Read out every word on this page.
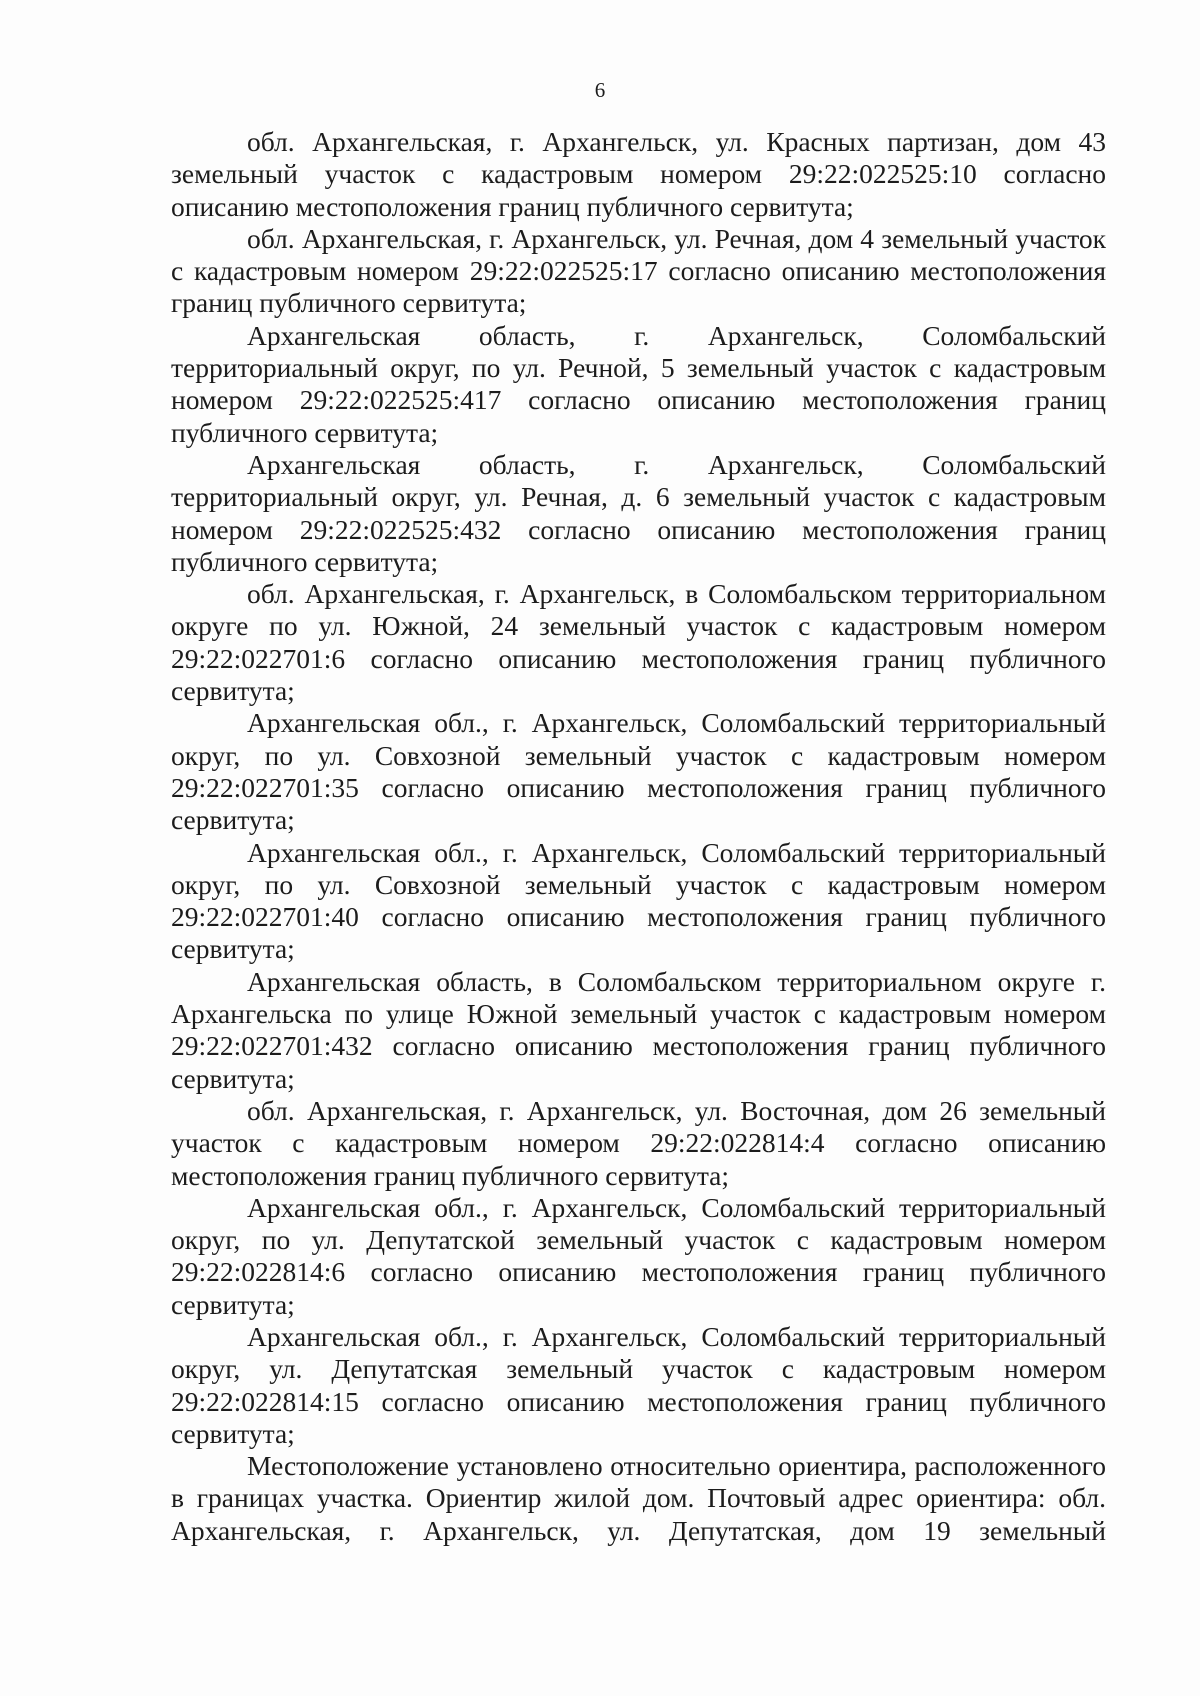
6

обл. Архангельская, г. Архангельск, ул. Красных партизан, дом 43 земельный участок с кадастровым номером 29:22:022525:10 согласно описанию местоположения границ публичного сервитута;

обл. Архангельская, г. Архангельск, ул. Речная, дом 4 земельный участок с кадастровым номером 29:22:022525:17 согласно описанию местоположения границ публичного сервитута;

Архангельская область, г. Архангельск, Соломбальский территориальный округ, по ул. Речной, 5 земельный участок с кадастровым номером 29:22:022525:417 согласно описанию местоположения границ публичного сервитута;

Архангельская область, г. Архангельск, Соломбальский территориальный округ, ул. Речная, д. 6 земельный участок с кадастровым номером 29:22:022525:432 согласно описанию местоположения границ публичного сервитута;

обл. Архангельская, г. Архангельск, в Соломбальском территориальном округе по ул. Южной, 24 земельный участок с кадастровым номером 29:22:022701:6 согласно описанию местоположения границ публичного сервитута;

Архангельская обл., г. Архангельск, Соломбальский территориальный округ, по ул. Совхозной земельный участок с кадастровым номером 29:22:022701:35 согласно описанию местоположения границ публичного сервитута;

Архангельская обл., г. Архангельск, Соломбальский территориальный округ, по ул. Совхозной земельный участок с кадастровым номером 29:22:022701:40 согласно описанию местоположения границ публичного сервитута;

Архангельская область, в Соломбальском территориальном округе г. Архангельска по улице Южной земельный участок с кадастровым номером 29:22:022701:432 согласно описанию местоположения границ публичного сервитута;

обл. Архангельская, г. Архангельск, ул. Восточная, дом 26 земельный участок с кадастровым номером 29:22:022814:4 согласно описанию местоположения границ публичного сервитута;

Архангельская обл., г. Архангельск, Соломбальский территориальный округ, по ул. Депутатской земельный участок с кадастровым номером 29:22:022814:6 согласно описанию местоположения границ публичного сервитута;

Архангельская обл., г. Архангельск, Соломбальский территориальный округ, ул. Депутатская земельный участок с кадастровым номером 29:22:022814:15 согласно описанию местоположения границ публичного сервитута;

Местоположение установлено относительно ориентира, расположенного в границах участка. Ориентир жилой дом. Почтовый адрес ориентира: обл. Архангельская, г. Архангельск, ул. Депутатская, дом 19 земельный
